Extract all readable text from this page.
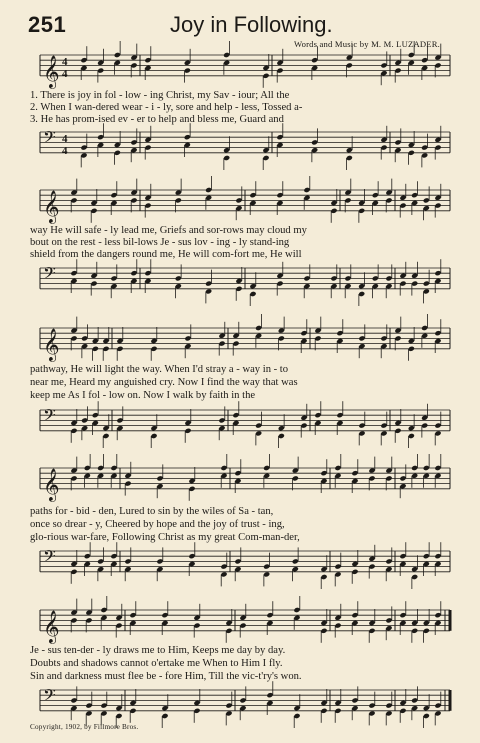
251	Joy in Following.
Words and Music by M. M. LUZADER.
𝄞 4
4
1. There is joy in fol - low - ing Christ, my Sav - iour; All the
2. When I wan-dered wear - i - ly, sore and help - less, Tossed a-
3. He has prom-ised ev - er to help and bless me, Guard and
𝄢 4
4
𝄞
way He will safe - ly lead me, Griefs and sor-rows may cloud my
bout on the rest - less bil-lows Je - sus lov - ing - ly stand-ing
shield from the dangers round me, He will com-fort me, He will
𝄢
𝄞
pathway, He will light the way. When I'd stray a - way in - to
near me, Heard my anguished cry. Now I find the way that was
keep me As I fol - low on. Now I walk by faith in the
𝄢
𝄞
paths for - bid - den, Lured to sin by the wiles of Sa - tan,
once so drear - y, Cheered by hope and the joy of trust - ing,
glo-rious war-fare, Following Christ as my great Com-man-der,
𝄢
𝄞
Je - sus ten-der - ly draws me to Him, Keeps me day by day.
Doubts and shadows cannot o'ertake me When to Him I fly.
Sin and darkness must flee be - fore Him, Till the vic-t'ry's won.
𝄢
Copyright, 1902, by Fillmore Bros.
